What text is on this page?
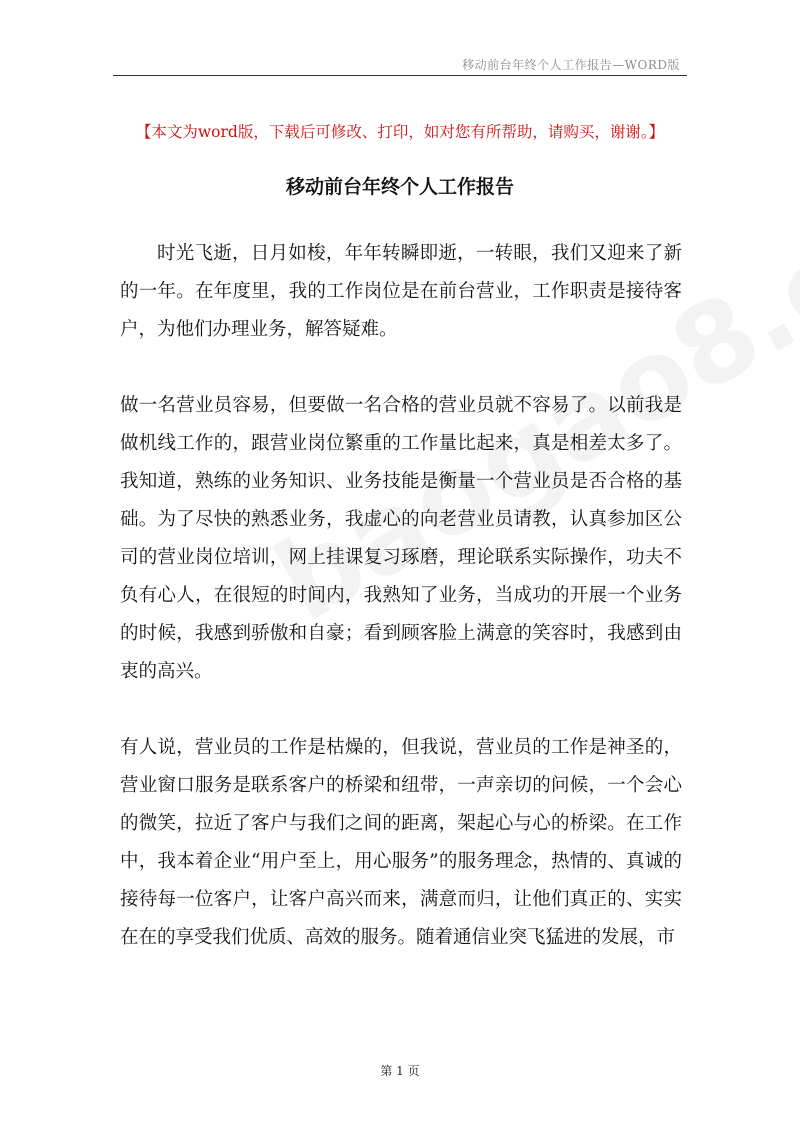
移动前台年终个人工作报告—WORD版
【本文为word版，下载后可修改、打印，如对您有所帮助，请购买，谢谢。】
移动前台年终个人工作报告

时光飞逝，日月如梭，年年转瞬即逝，一转眼，我们又迎来了新的一年。在年度里，我的工作岗位是在前台营业，工作职责是接待客户，为他们办理业务，解答疑难。

做一名营业员容易，但要做一名合格的营业员就不容易了。以前我是做机线工作的，跟营业岗位繁重的工作量比起来，真是相差太多了。我知道，熟练的业务知识、业务技能是衡量一个营业员是否合格的基础。为了尽快的熟悉业务，我虚心的向老营业员请教，认真参加区公司的营业岗位培训，网上挂课复习琢磨，理论联系实际操作，功夫不负有心人，在很短的时间内，我熟知了业务，当成功的开展一个业务的时候，我感到骄傲和自豪；看到顾客脸上满意的笑容时，我感到由衷的高兴。

有人说，营业员的工作是枯燥的，但我说，营业员的工作是神圣的，营业窗口服务是联系客户的桥梁和纽带，一声亲切的问候，一个会心的微笑，拉近了客户与我们之间的距离，架起心与心的桥梁。在工作中，我本着企业“用户至上，用心服务”的服务理念，热情的、真诚的接待每一位客户，让客户高兴而来，满意而归，让他们真正的、实实在在的享受我们优质、高效的服务。随着通信业突飞猛进的发展，市

第 1 页
